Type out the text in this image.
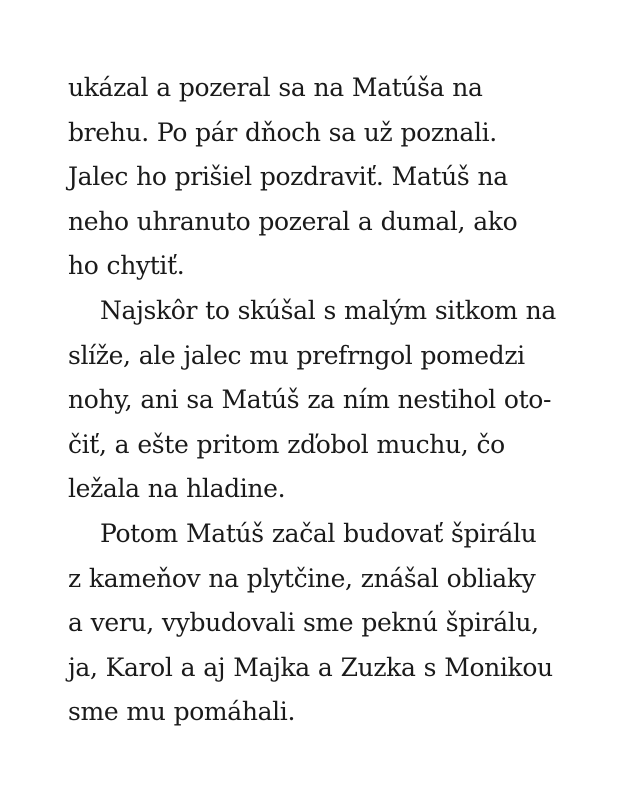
ukázal a pozeral sa na Matúša na
brehu. Po pár dňoch sa už poznali.
Jalec ho prišiel pozdraviť. Matúš na
neho uhranuto pozeral a dumal, ako
ho chytiť.
Najskôr to skúšal s malým sitkom na
slíže, ale jalec mu prefrngol pomedzi
nohy, ani sa Matúš za ním nestihol oto-
čiť, a ešte pritom zďobol muchu, čo
ležala na hladine.
Potom Matúš začal budovať špirálu
z kameňov na plytčine, znášal obliaky
a veru, vybudovali sme peknú špirálu,
ja, Karol a aj Majka a Zuzka s Monikou
sme mu pomáhali.
